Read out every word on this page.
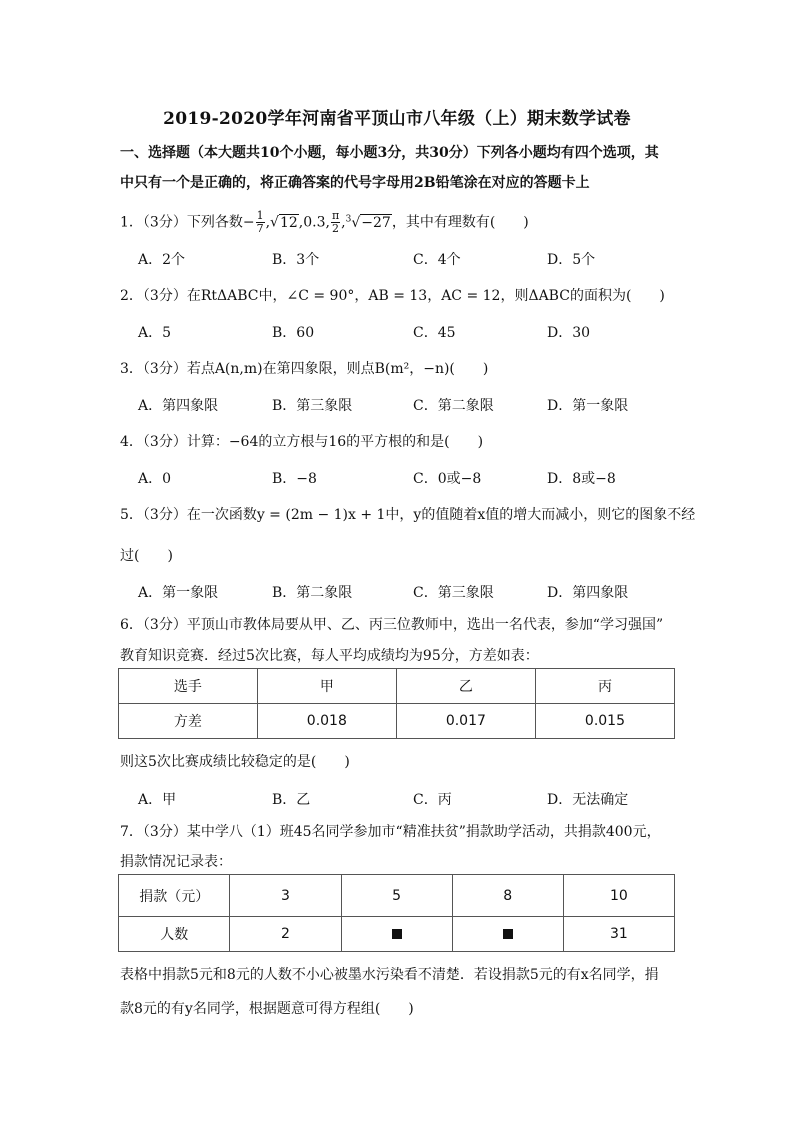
2019-2020学年河南省平顶山市八年级（上）期末数学试卷
一、选择题（本大题共10个小题，每小题3分，共30分）下列各小题均有四个选项，其
中只有一个是正确的，将正确答案的代号字母用2B铅笔涂在对应的答题卡上
1．（3分）下列各数− $\frac{1}{7} ,√12,0.3$, $\frac{\pi}{2} ,^3√-27$，其中有理数有(　　)
A．2个	B．3个	C．4个	D．5个
2．（3分）在RtΔABC中，∠C = 90°，AB = 13，AC = 12，则ΔABC的面积为(　　)
A．5	B．60	C．45	D．30
3．（3分）若点A(n,m)在第四象限，则点B(m²，−n)(　　)
A．第四象限	B．第三象限	C．第二象限	D．第一象限
4．（3分）计算：−64的立方根与16的平方根的和是(　　)
A．0	B．−8	C．0或−8	D．8或−8
5．（3分）在一次函数y = (2m − 1)x + 1中，y的值随着x值的增大而减小，则它的图象不经
过(　　)
A．第一象限	B．第二象限	C．第三象限	D．第四象限
6．（3分）平顶山市教体局要从甲、乙、丙三位教师中，选出一名代表，参加“学习强国”
教育知识竞赛．经过5次比赛，每人平均成绩均为95分，方差如表：
选手	甲	乙	丙
方差	0.018	0.017	0.015
则这5次比赛成绩比较稳定的是(　　)
A．甲	B．乙	C．丙	D．无法确定
7．（3分）某中学八（1）班45名同学参加市“精准扶贫”捐款助学活动，共捐款400元，
捐款情况记录表：
捐款（元）	3	5	8	10
人数	2			31
表格中捐款5元和8元的人数不小心被墨水污染看不清楚．若设捐款5元的有x名同学，捐
款8元的有y名同学，根据题意可得方程组(　　)
